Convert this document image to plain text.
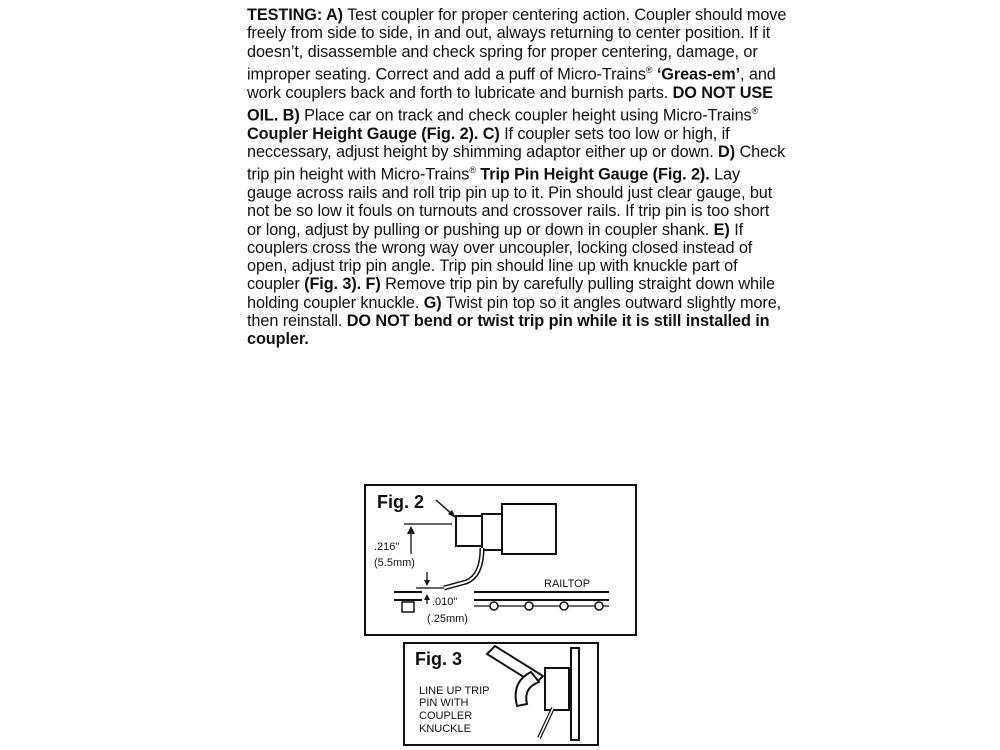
TESTING: A) Test coupler for proper centering action. Coupler should move freely from side to side, in and out, always returning to center position. If it doesn’t, disassemble and check spring for proper centering, damage, or improper seating. Correct and add a puff of Micro-Trains® ‘Greas-em’, and work couplers back and forth to lubricate and burnish parts. DO NOT USE OIL. B) Place car on track and check coupler height using Micro-Trains® Coupler Height Gauge (Fig. 2). C) If coupler sets too low or high, if neccessary, adjust height by shimming adaptor either up or down. D) Check trip pin height with Micro-Trains® Trip Pin Height Gauge (Fig. 2). Lay gauge across rails and roll trip pin up to it. Pin should just clear gauge, but not be so low it fouls on turnouts and crossover rails. If trip pin is too short or long, adjust by pulling or pushing up or down in coupler shank. E) If couplers cross the wrong way over uncoupler, locking closed instead of open, adjust trip pin angle. Trip pin should line up with knuckle part of coupler (Fig. 3). F) Remove trip pin by carefully pulling straight down while holding coupler knuckle. G) Twist pin top so it angles outward slightly more, then reinstall. DO NOT bend or twist trip pin while it is still installed in coupler.
Fig. 2
.216"
(5.5mm)
.010"
(.25mm)
RAILTOP
Fig. 3
LINE UP TRIP
PIN WITH
COUPLER
KNUCKLE
